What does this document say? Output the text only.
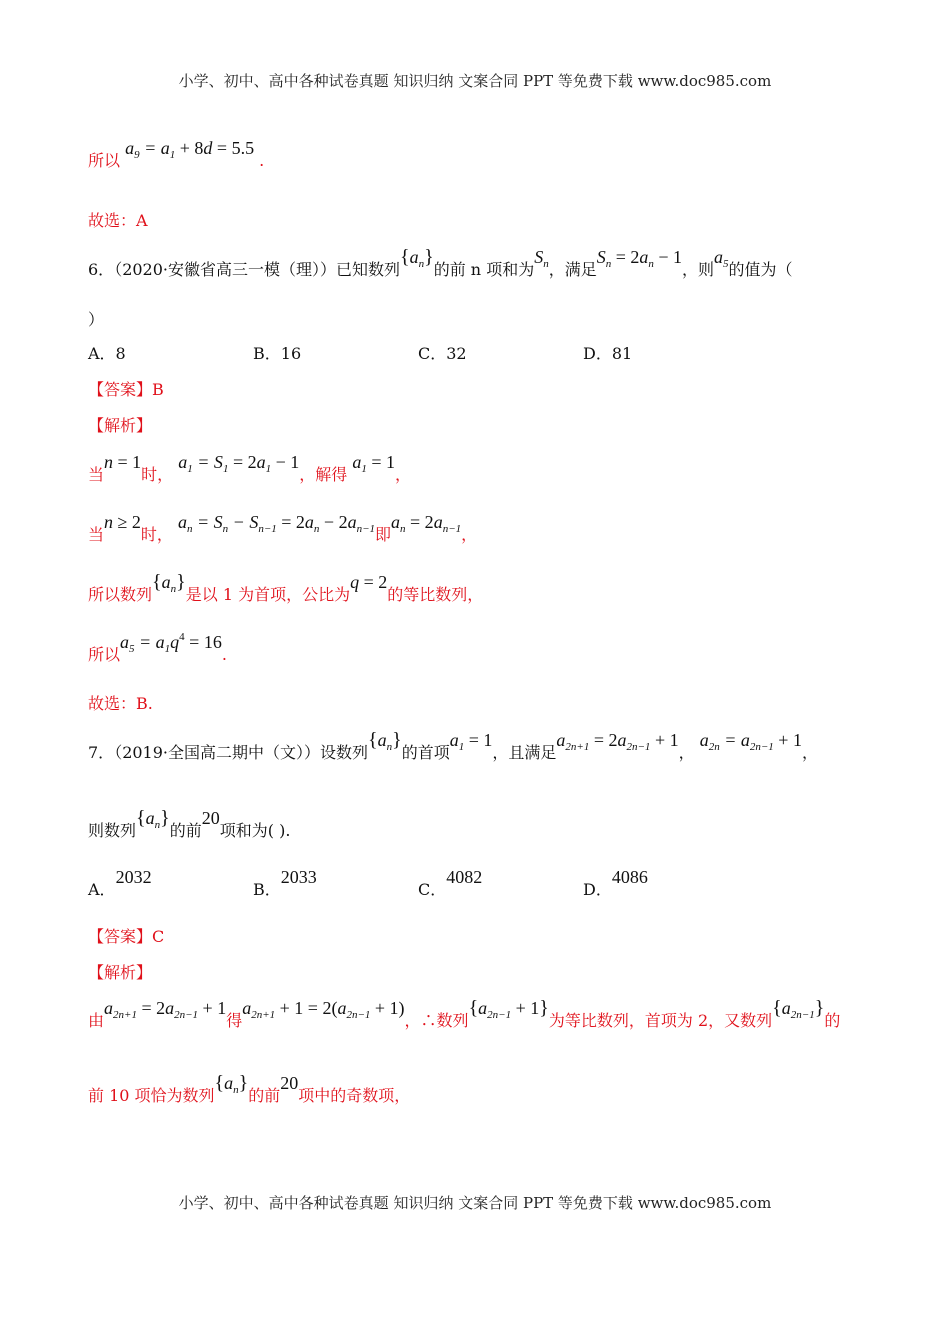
小学、初中、高中各种试卷真题 知识归纳 文案合同 PPT 等免费下载 www.doc985.com
所以 $a_9 = a_1 + 8d = 5.5$ .
故选：A
6．（2020·安徽省高三一模（理））已知数列$\{a_n\}$的前 n 项和为$S_n$，满足$S_n = 2a_n - 1$，则$a_5$的值为（
）
A．8	B．16	C．32	D．81
【答案】B
【解析】
当n = 1时， $a_1 = S_1 = 2a_1 - 1$，解得 $a_1 = 1$，
当n ≥ 2时， $a_n = S_n - S_{n-1} = 2a_n - 2a_{n-1}$即$a_n = 2a_{n-1}$，
所以数列$\{a_n\}$是以 1 为首项，公比为q = 2的等比数列，
所以$a_5 = a_1q^4 = 16$.
故选：B.
7．（2019·全国高二期中（文））设数列$\{a_n\}$的首项$a_1 = 1$，且满足$a_{2n+1} = 2a_{2n-1} + 1$， $a_{2n} = a_{2n-1} + 1$，
则数列$\{a_n\}$的前20项和为( ).
A．2032
B．2033
C．4082
D．4086
【答案】C
【解析】
由$a_{2n+1} = 2a_{2n-1} + 1$得$a_{2n+1} + 1 = 2(a_{2n-1} + 1)$，∴数列$\{a_{2n-1} + 1\}$为等比数列，首项为 2，又数列$\{a_{2n-1}\}$的
前 10 项恰为数列$\{a_n\}$的前20项中的奇数项，
小学、初中、高中各种试卷真题 知识归纳 文案合同 PPT 等免费下载 www.doc985.com
